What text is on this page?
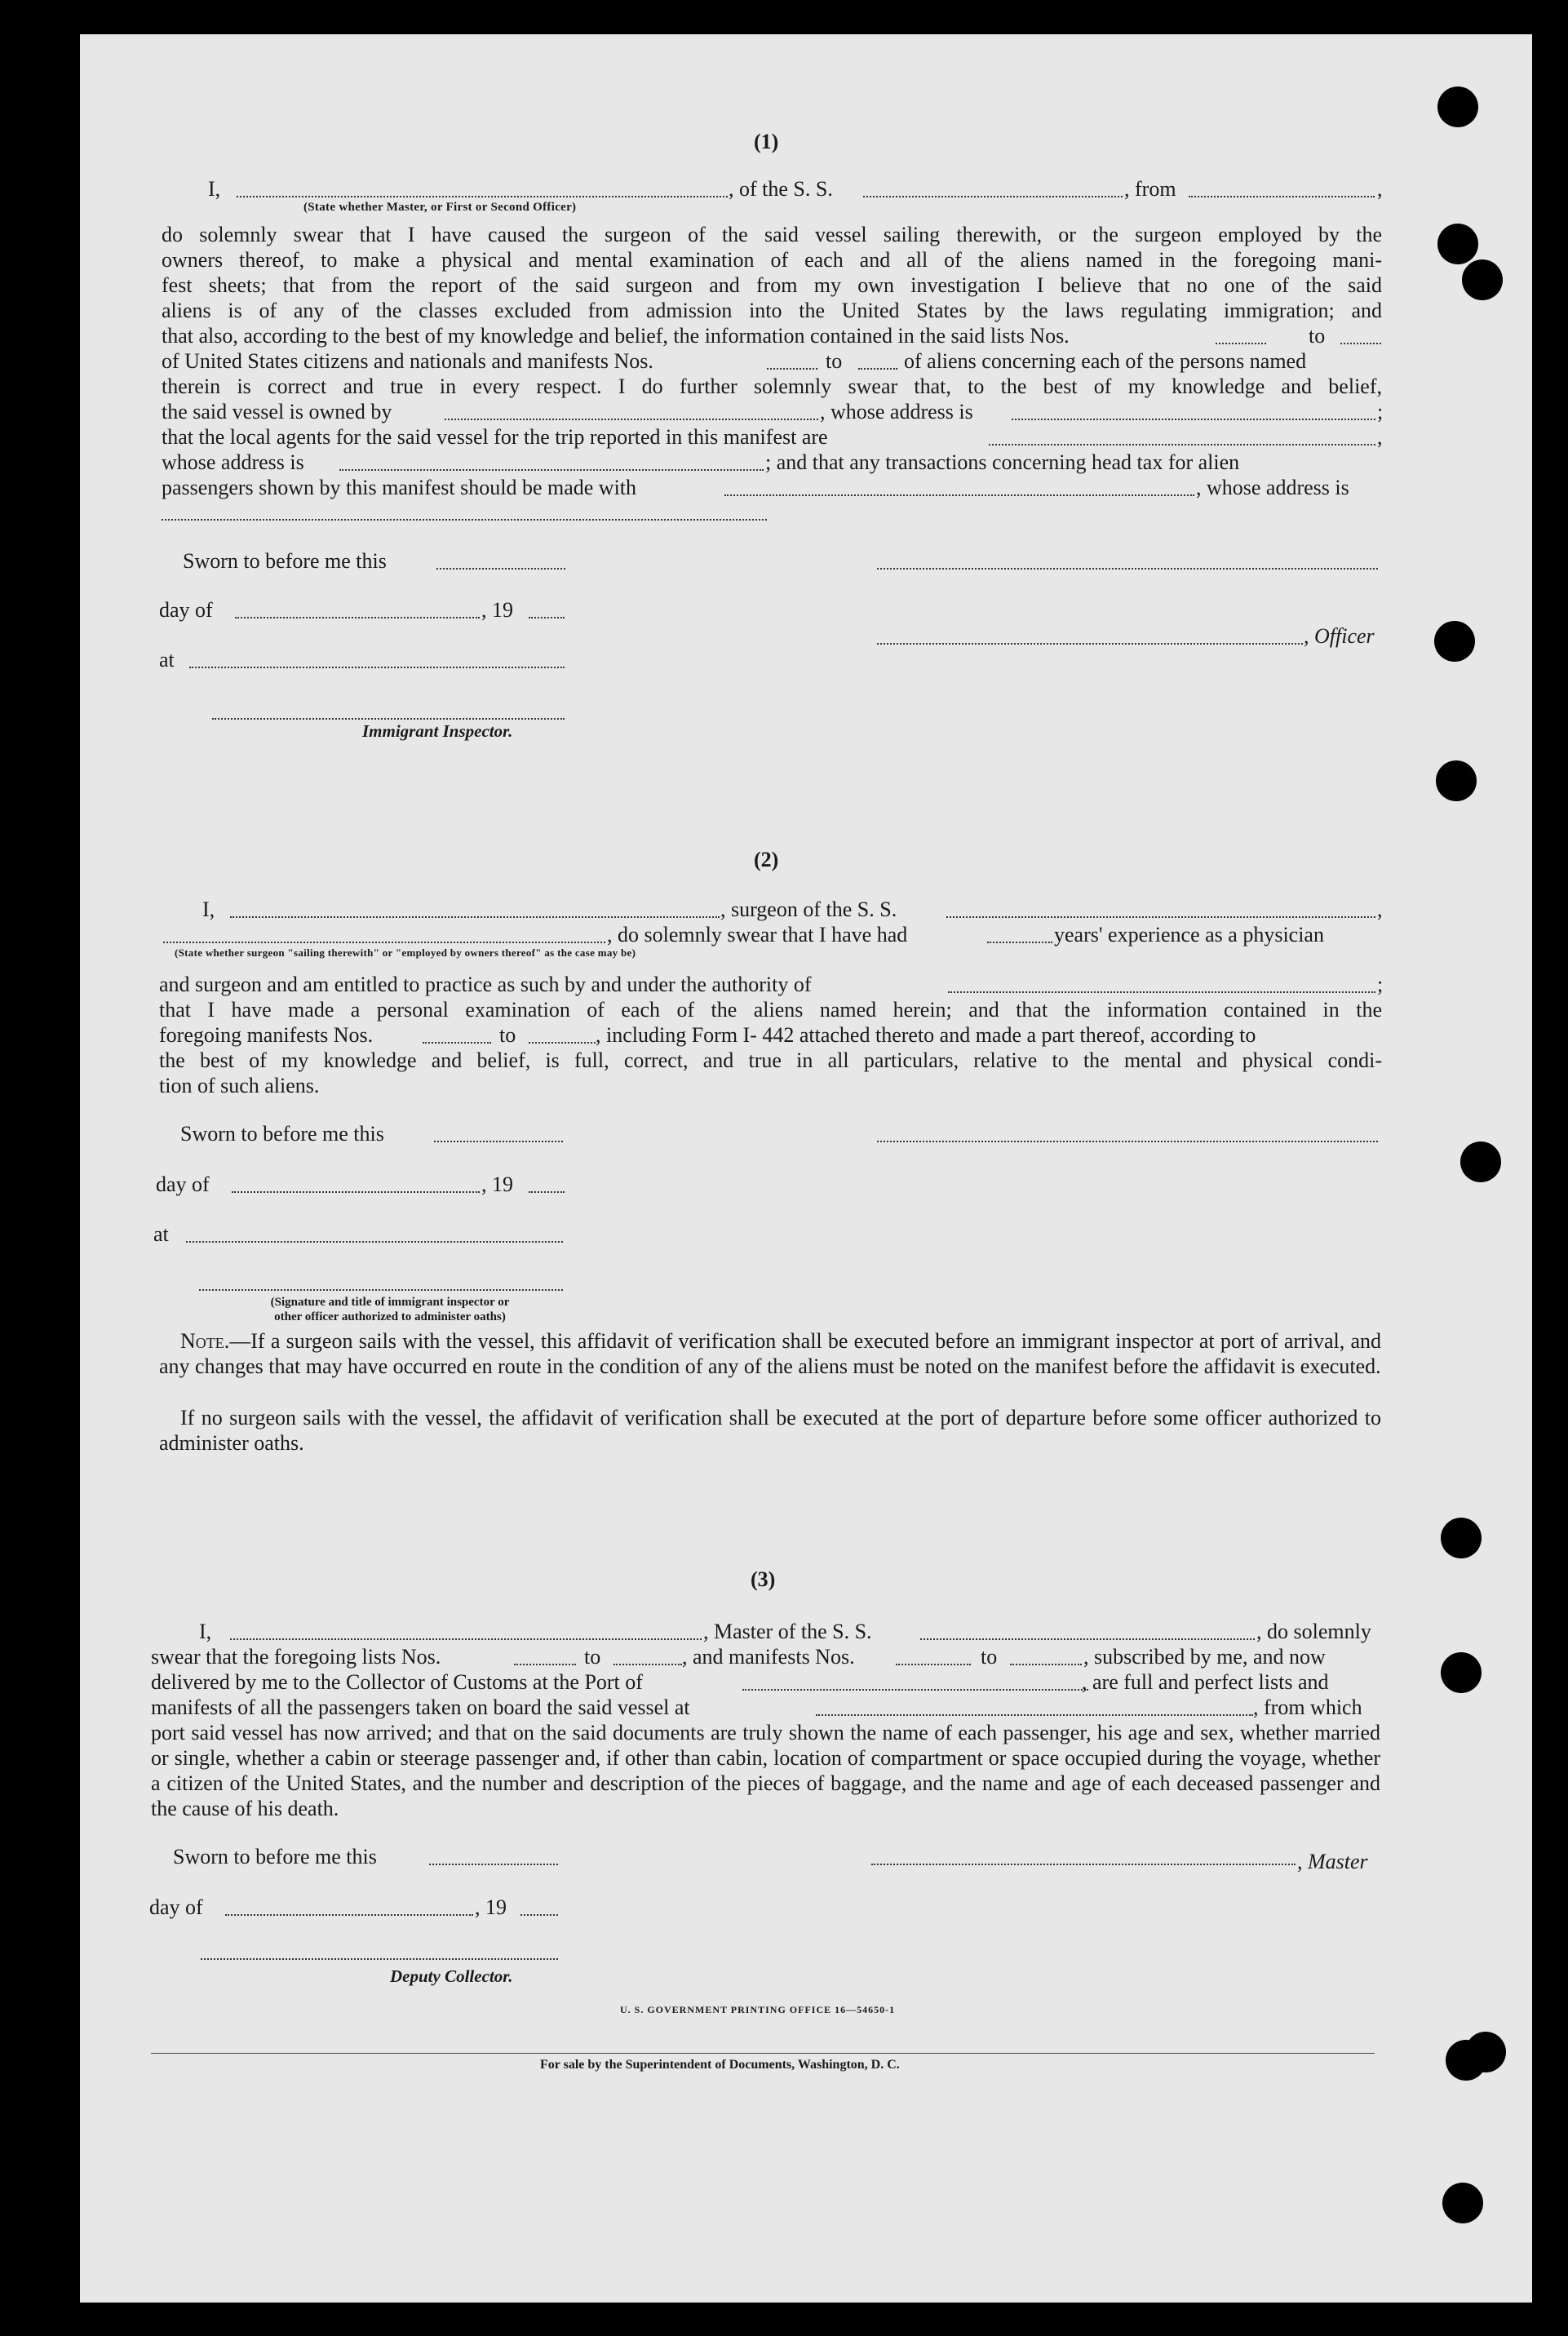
(1)
I,	, of the S. S.	, from	,
(State whether Master, or First or Second Officer)
do solemnly swear that I have caused the surgeon of the said vessel sailing therewith, or the surgeon employed by the
owners thereof, to make a physical and mental examination of each and all of the aliens named in the foregoing mani-
fest sheets; that from the report of the said surgeon and from my own investigation I believe that no one of the said
aliens is of any of the classes excluded from admission into the United States by the laws regulating immigration; and
that also, according to the best of my knowledge and belief, the information contained in the said lists Nos.	to
of United States citizens and nationals and manifests Nos.	to	of aliens concerning each of the persons named
therein is correct and true in every respect. I do further solemnly swear that, to the best of my knowledge and belief,
the said vessel is owned by	, whose address is	;
that the local agents for the said vessel for the trip reported in this manifest are	,
whose address is	; and that any transactions concerning head tax for alien
passengers shown by this manifest should be made with	, whose address is
Sworn to before me this
day of	, 19
at
, Officer
Immigrant Inspector.
(2)
I,	, surgeon of the S. S.	,
, do solemnly swear that I have had	years' experience as a physician
(State whether surgeon "sailing therewith" or "employed by owners thereof" as the case may be)
and surgeon and am entitled to practice as such by and under the authority of	;
that I have made a personal examination of each of the aliens named herein; and that the information contained in the
foregoing manifests Nos.	to	, including Form I- 442 attached thereto and made a part thereof, according to
the best of my knowledge and belief, is full, correct, and true in all particulars, relative to the mental and physical condi-
tion of such aliens.
Sworn to before me this
day of	, 19
at
(Signature and title of immigrant inspector or
other officer authorized to administer oaths)
Note.—If a surgeon sails with the vessel, this affidavit of verification shall be executed before an immigrant inspector at port of arrival, and any changes that may have occurred en route in the condition of any of the aliens must be noted on the manifest before the affidavit is executed.
If no surgeon sails with the vessel, the affidavit of verification shall be executed at the port of departure before some officer authorized to administer oaths.
(3)
I,	, Master of the S. S.	, do solemnly
swear that the foregoing lists Nos.	to	, and manifests Nos.	to	, subscribed by me, and now
delivered by me to the Collector of Customs at the Port of	, are full and perfect lists and
manifests of all the passengers taken on board the said vessel at	, from which
port said vessel has now arrived; and that on the said documents are truly shown the name of each passenger, his age and sex, whether married or single, whether a cabin or steerage passenger and, if other than cabin, location of compartment or space occupied during the voyage, whether a citizen of the United States, and the number and description of the pieces of baggage, and the name and age of each deceased passenger and the cause of his death.
Sworn to before me this	, Master
day of	, 19
Deputy Collector.
U. S. GOVERNMENT PRINTING OFFICE 16—54650-1
For sale by the Superintendent of Documents, Washington, D. C.
